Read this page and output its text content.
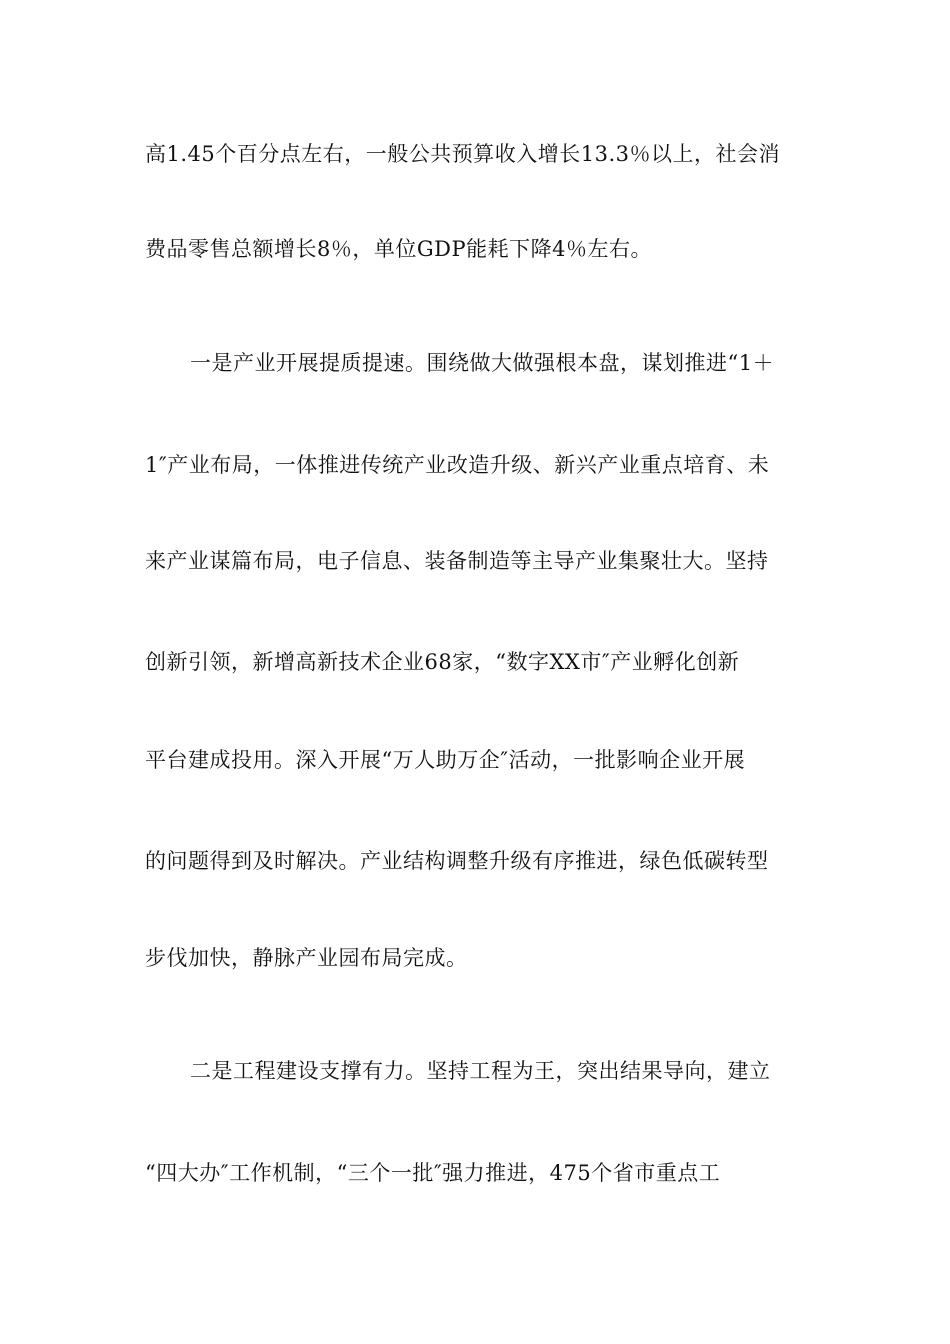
高1.45个百分点左右，一般公共预算收入增长13.3％以上，社会消
费品零售总额增长8％，单位GDP能耗下降4％左右。
一是产业开展提质提速。围绕做大做强根本盘，谋划推进“1＋
1″产业布局，一体推进传统产业改造升级、新兴产业重点培育、未
来产业谋篇布局，电子信息、装备制造等主导产业集聚壮大。坚持
创新引领，新增高新技术企业68家，“数字XX市″产业孵化创新
平台建成投用。深入开展“万人助万企″活动，一批影响企业开展
的问题得到及时解决。产业结构调整升级有序推进，绿色低碳转型
步伐加快，静脉产业园布局完成。
二是工程建设支撑有力。坚持工程为王，突出结果导向，建立
“四大办″工作机制，“三个一批″强力推进，475个省市重点工
